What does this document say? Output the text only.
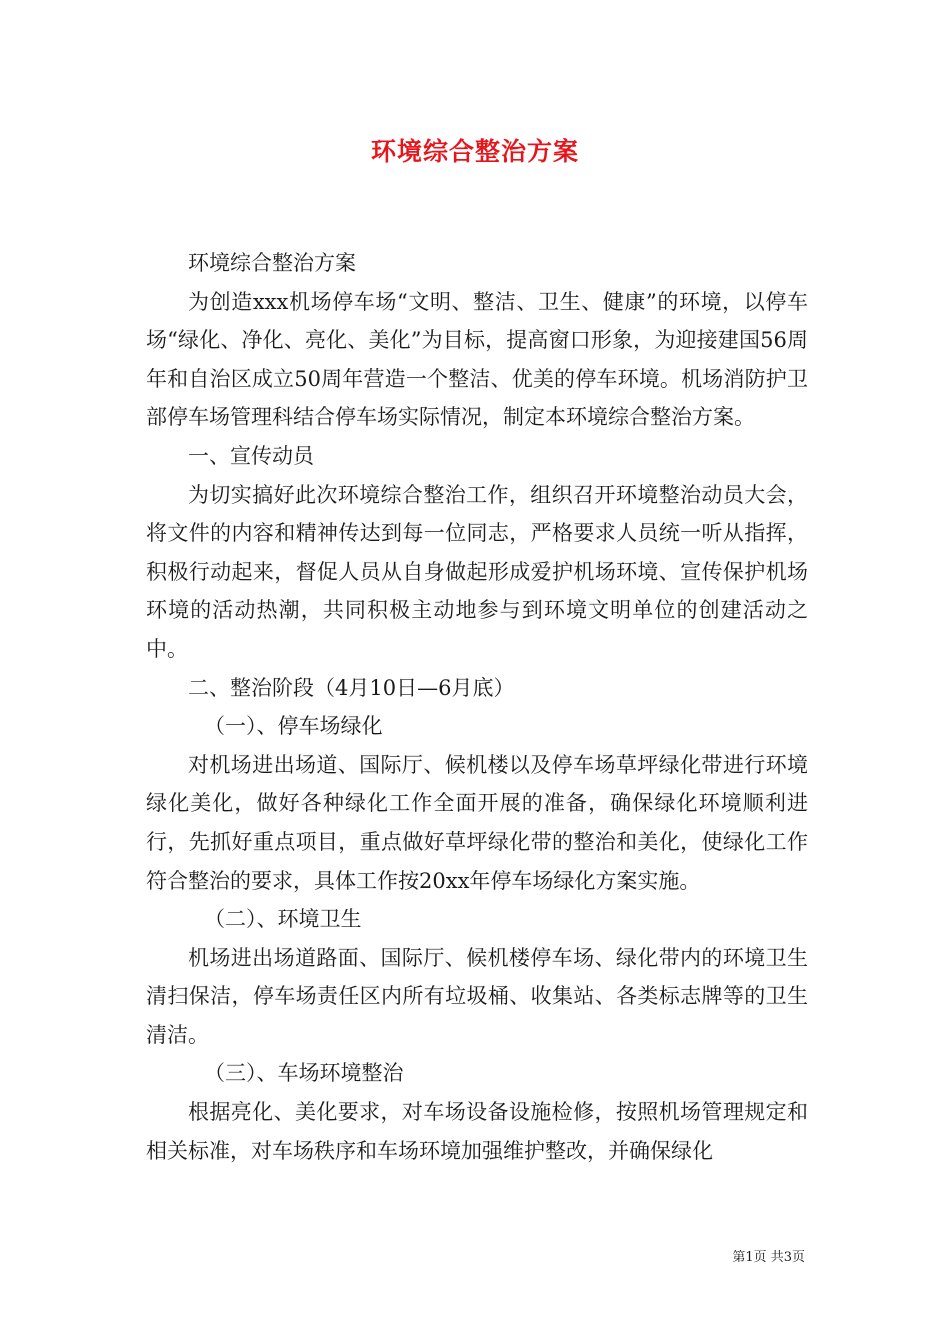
环境综合整治方案

环境综合整治方案

为创造xxx机场停车场“文明、整洁、卫生、健康”的环境，以停车场“绿化、净化、亮化、美化”为目标，提高窗口形象，为迎接建国56周年和自治区成立50周年营造一个整洁、优美的停车环境。机场消防护卫部停车场管理科结合停车场实际情况，制定本环境综合整治方案。

一、宣传动员

为切实搞好此次环境综合整治工作，组织召开环境整治动员大会，将文件的内容和精神传达到每一位同志，严格要求人员统一听从指挥，积极行动起来，督促人员从自身做起形成爱护机场环境、宣传保护机场环境的活动热潮，共同积极主动地参与到环境文明单位的创建活动之中。

二、整治阶段（4月10日—6月底）

（一）、停车场绿化

对机场进出场道、国际厅、候机楼以及停车场草坪绿化带进行环境绿化美化，做好各种绿化工作全面开展的准备，确保绿化环境顺利进行，先抓好重点项目，重点做好草坪绿化带的整治和美化，使绿化工作符合整治的要求，具体工作按20xx年停车场绿化方案实施。

（二）、环境卫生

机场进出场道路面、国际厅、候机楼停车场、绿化带内的环境卫生清扫保洁，停车场责任区内所有垃圾桶、收集站、各类标志牌等的卫生清洁。

（三）、车场环境整治

根据亮化、美化要求，对车场设备设施检修，按照机场管理规定和相关标准，对车场秩序和车场环境加强维护整改，并确保绿化

第1页 共3页
